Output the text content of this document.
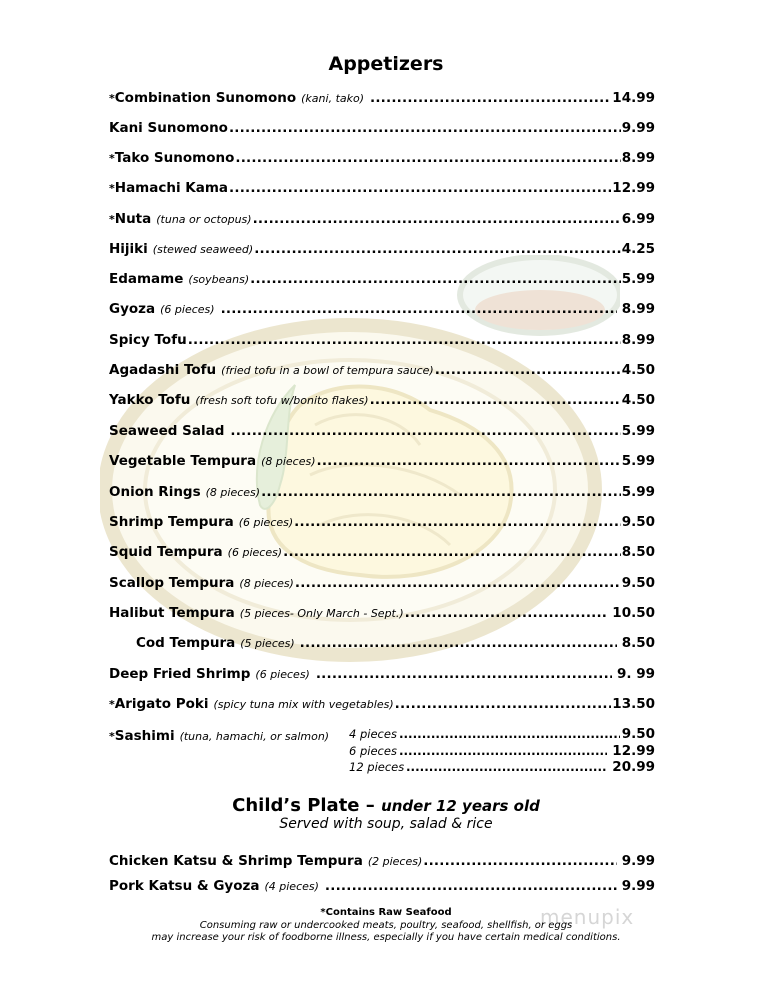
menupix
Appetizers
*Combination Sunomono (kani, tako) .....	14.99
Kani Sunomono .....	9.99
*Tako Sunomono .....	8.99
*Hamachi Kama .....	12.99
*Nuta (tuna or octopus) .....	6.99
Hijiki (stewed seaweed) .....	4.25
Edamame (soybeans) .....	5.99
Gyoza (6 pieces) .....	8.99
Spicy Tofu .....	8.99
Agadashi Tofu (fried tofu in a bowl of tempura sauce) .....	4.50
Yakko Tofu (fresh soft tofu w/bonito flakes) .....	4.50
Seaweed Salad .....	5.99
Vegetable Tempura (8 pieces) .....	5.99
Onion Rings (8 pieces) .....	5.99
Shrimp Tempura (6 pieces) .....	9.50
Squid Tempura (6 pieces) .....	8.50
Scallop Tempura (8 pieces) .....	9.50
Halibut Tempura (5 pieces- Only March - Sept.) .....	10.50
Cod Tempura (5 pieces) .....	8.50
Deep Fried Shrimp (6 pieces) .....	9. 99
*Arigato Poki (spicy tuna mix with vegetables) .....	13.50
*Sashimi (tuna, hamachi, or salmon) 4 pieces .....	9.50
6 pieces .....	12.99
12 pieces .....	20.99
Child’s Plate – under 12 years old
Served with soup, salad & rice
Chicken Katsu & Shrimp Tempura (2 pieces) .....	9.99
Pork Katsu & Gyoza (4 pieces) .....	9.99
*Contains Raw Seafood
Consuming raw or undercooked meats, poultry, seafood, shellfish, or eggs
may increase your risk of foodborne illness, especially if you have certain medical conditions.
